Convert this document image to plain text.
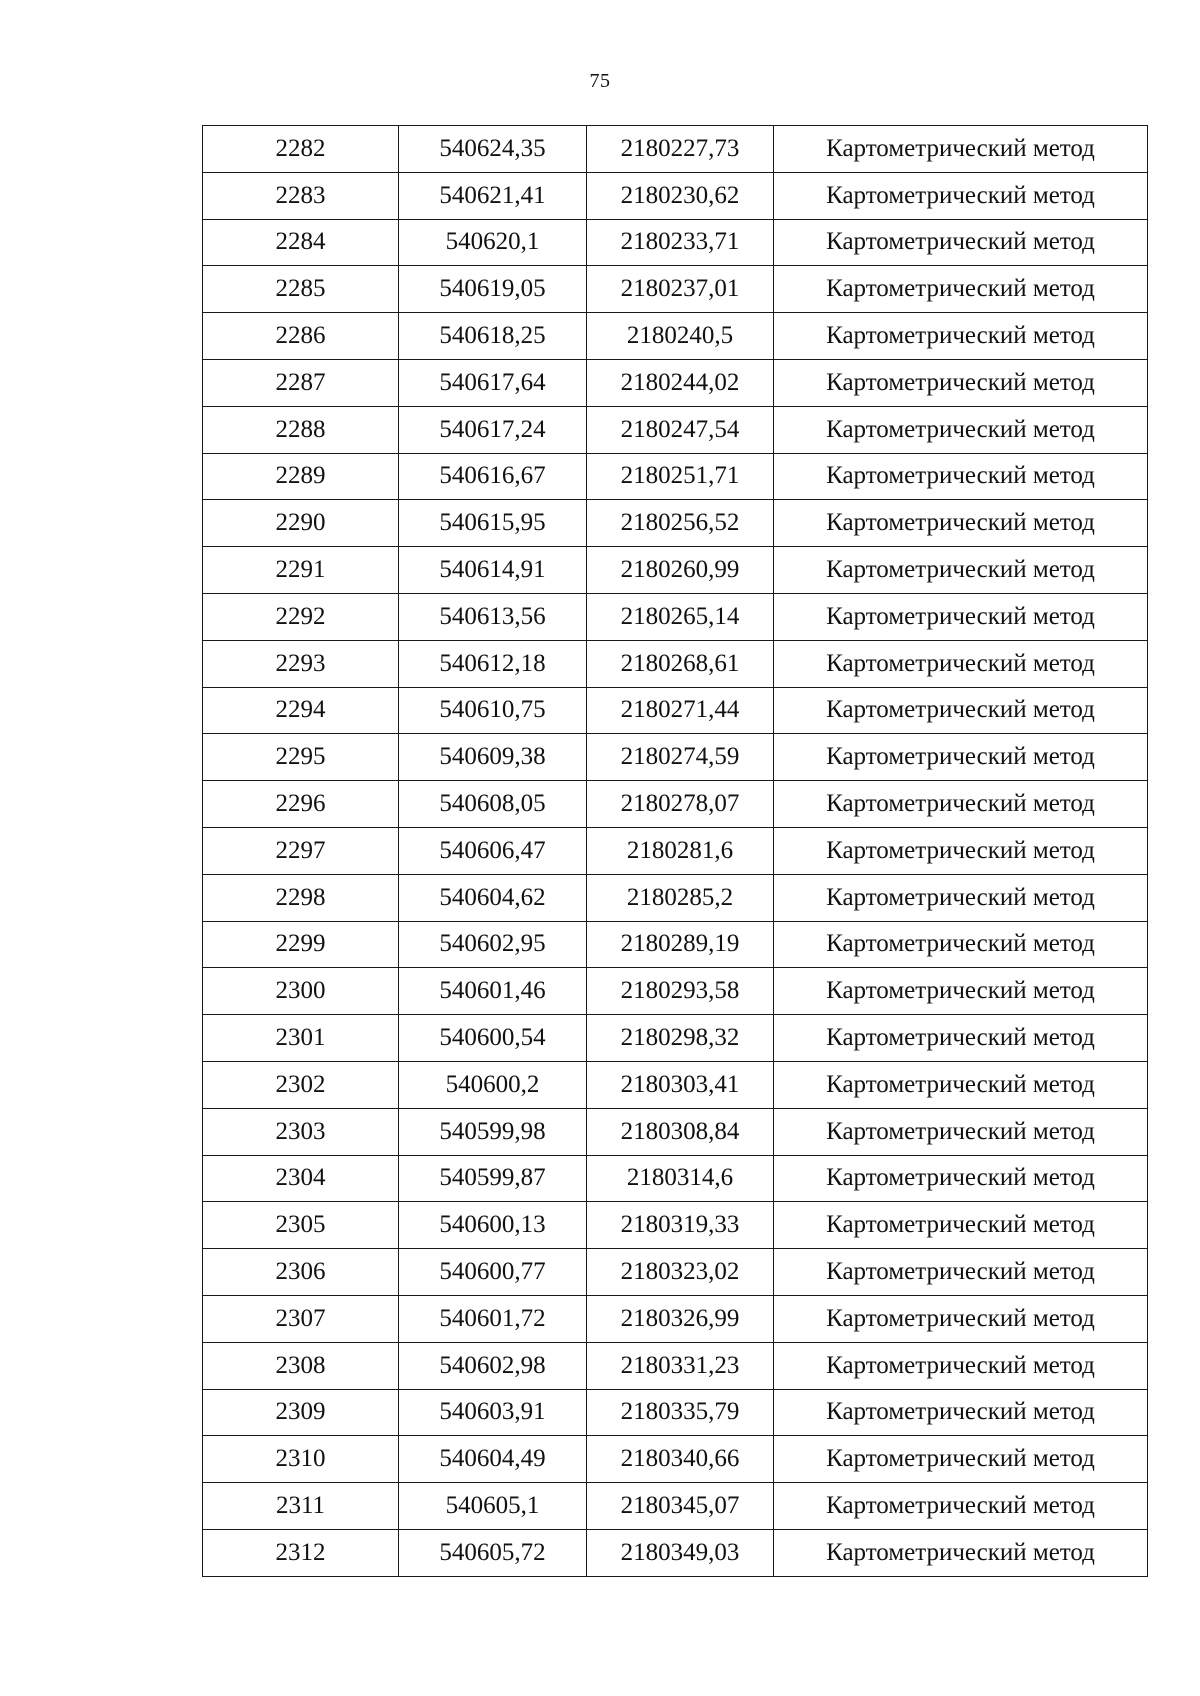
75
2282	540624,35	2180227,73	Картометрический метод
2283	540621,41	2180230,62	Картометрический метод
2284	540620,1	2180233,71	Картометрический метод
2285	540619,05	2180237,01	Картометрический метод
2286	540618,25	2180240,5	Картометрический метод
2287	540617,64	2180244,02	Картометрический метод
2288	540617,24	2180247,54	Картометрический метод
2289	540616,67	2180251,71	Картометрический метод
2290	540615,95	2180256,52	Картометрический метод
2291	540614,91	2180260,99	Картометрический метод
2292	540613,56	2180265,14	Картометрический метод
2293	540612,18	2180268,61	Картометрический метод
2294	540610,75	2180271,44	Картометрический метод
2295	540609,38	2180274,59	Картометрический метод
2296	540608,05	2180278,07	Картометрический метод
2297	540606,47	2180281,6	Картометрический метод
2298	540604,62	2180285,2	Картометрический метод
2299	540602,95	2180289,19	Картометрический метод
2300	540601,46	2180293,58	Картометрический метод
2301	540600,54	2180298,32	Картометрический метод
2302	540600,2	2180303,41	Картометрический метод
2303	540599,98	2180308,84	Картометрический метод
2304	540599,87	2180314,6	Картометрический метод
2305	540600,13	2180319,33	Картометрический метод
2306	540600,77	2180323,02	Картометрический метод
2307	540601,72	2180326,99	Картометрический метод
2308	540602,98	2180331,23	Картометрический метод
2309	540603,91	2180335,79	Картометрический метод
2310	540604,49	2180340,66	Картометрический метод
2311	540605,1	2180345,07	Картометрический метод
2312	540605,72	2180349,03	Картометрический метод
